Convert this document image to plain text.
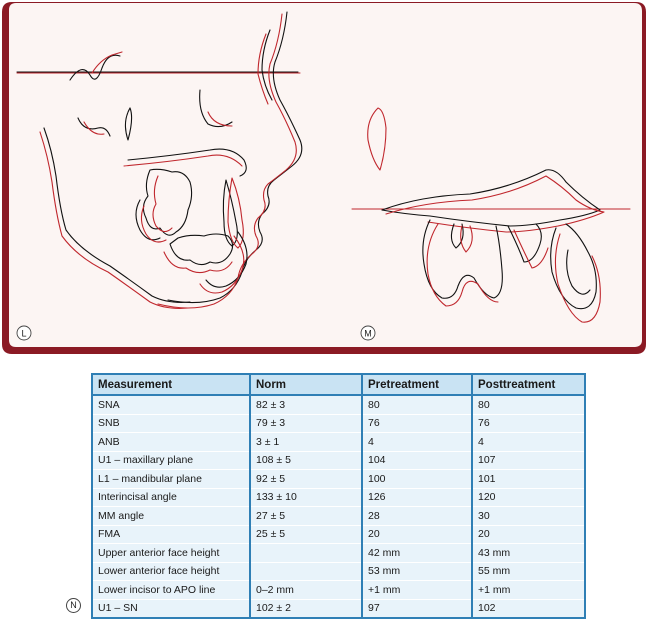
L	M
N
Measurement	Norm	Pretreatment	Posttreatment
SNA	82 ± 3	80	80
SNB	79 ± 3	76	76
ANB	3 ± 1	4	4
U1 – maxillary plane	108 ± 5	104	107
L1 – mandibular plane	92 ± 5	100	101
Interincisal angle	133 ± 10	126	120
MM angle	27 ± 5	28	30
FMA	25 ± 5	20	20
Upper anterior face height		42 mm	43 mm
Lower anterior face height		53 mm	55 mm
Lower incisor to APO line	0–2 mm	+1 mm	+1 mm
U1 – SN	102 ± 2	97	102
